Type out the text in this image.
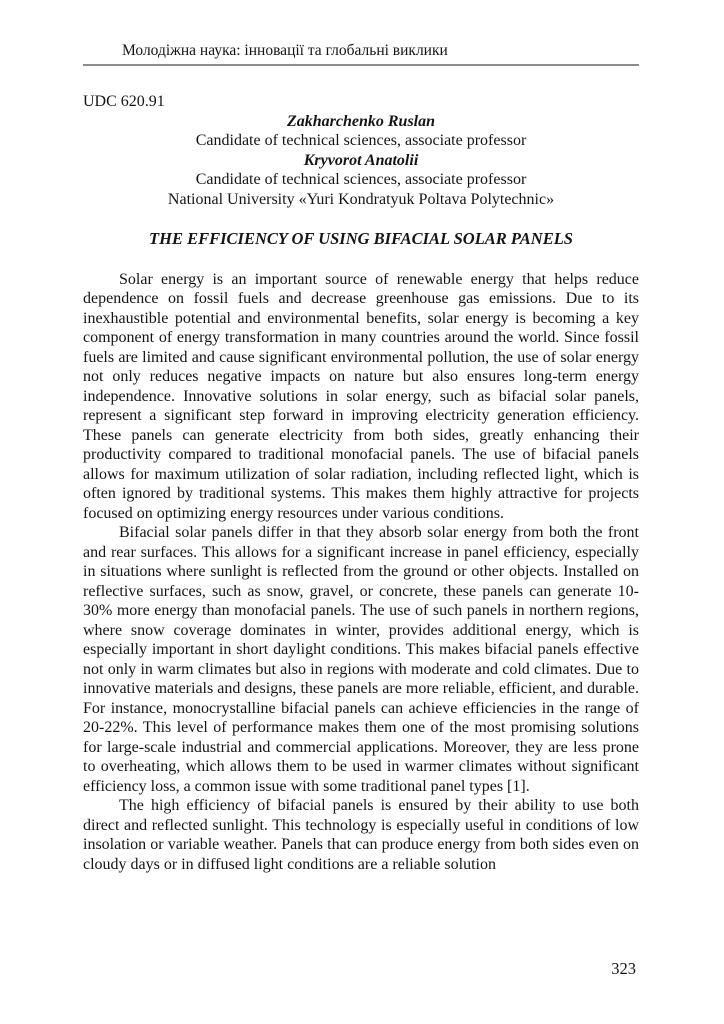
Молодіжна наука: інновації та глобальні виклики
UDC 620.91
Zakharchenko Ruslan
Candidate of technical sciences, associate professor
Kryvorot Anatolii
Candidate of technical sciences, associate professor
National University «Yuri Kondratyuk Poltava Polytechnic»
THE EFFICIENCY OF USING BIFACIAL SOLAR PANELS

Solar energy is an important source of renewable energy that helps reduce dependence on fossil fuels and decrease greenhouse gas emissions. Due to its inexhaustible potential and environmental benefits, solar energy is becoming a key component of energy transformation in many countries around the world. Since fossil fuels are limited and cause significant environmental pollution, the use of solar energy not only reduces negative impacts on nature but also ensures long-term energy independence. Innovative solutions in solar energy, such as bifacial solar panels, represent a significant step forward in improving electricity generation efficiency. These panels can generate electricity from both sides, greatly enhancing their productivity compared to traditional monofacial panels. The use of bifacial panels allows for maximum utilization of solar radiation, including reflected light, which is often ignored by traditional systems. This makes them highly attractive for projects focused on optimizing energy resources under various conditions.

Bifacial solar panels differ in that they absorb solar energy from both the front and rear surfaces. This allows for a significant increase in panel efficiency, especially in situations where sunlight is reflected from the ground or other objects. Installed on reflective surfaces, such as snow, gravel, or concrete, these panels can generate 10-30% more energy than monofacial panels. The use of such panels in northern regions, where snow coverage dominates in winter, provides additional energy, which is especially important in short daylight conditions. This makes bifacial panels effective not only in warm climates but also in regions with moderate and cold climates. Due to innovative materials and designs, these panels are more reliable, efficient, and durable. For instance, monocrystalline bifacial panels can achieve efficiencies in the range of 20-22%. This level of performance makes them one of the most promising solutions for large-scale industrial and commercial applications. Moreover, they are less prone to overheating, which allows them to be used in warmer climates without significant efficiency loss, a common issue with some traditional panel types [1].

The high efficiency of bifacial panels is ensured by their ability to use both direct and reflected sunlight. This technology is especially useful in conditions of low insolation or variable weather. Panels that can produce energy from both sides even on cloudy days or in diffused light conditions are a reliable solution

323
